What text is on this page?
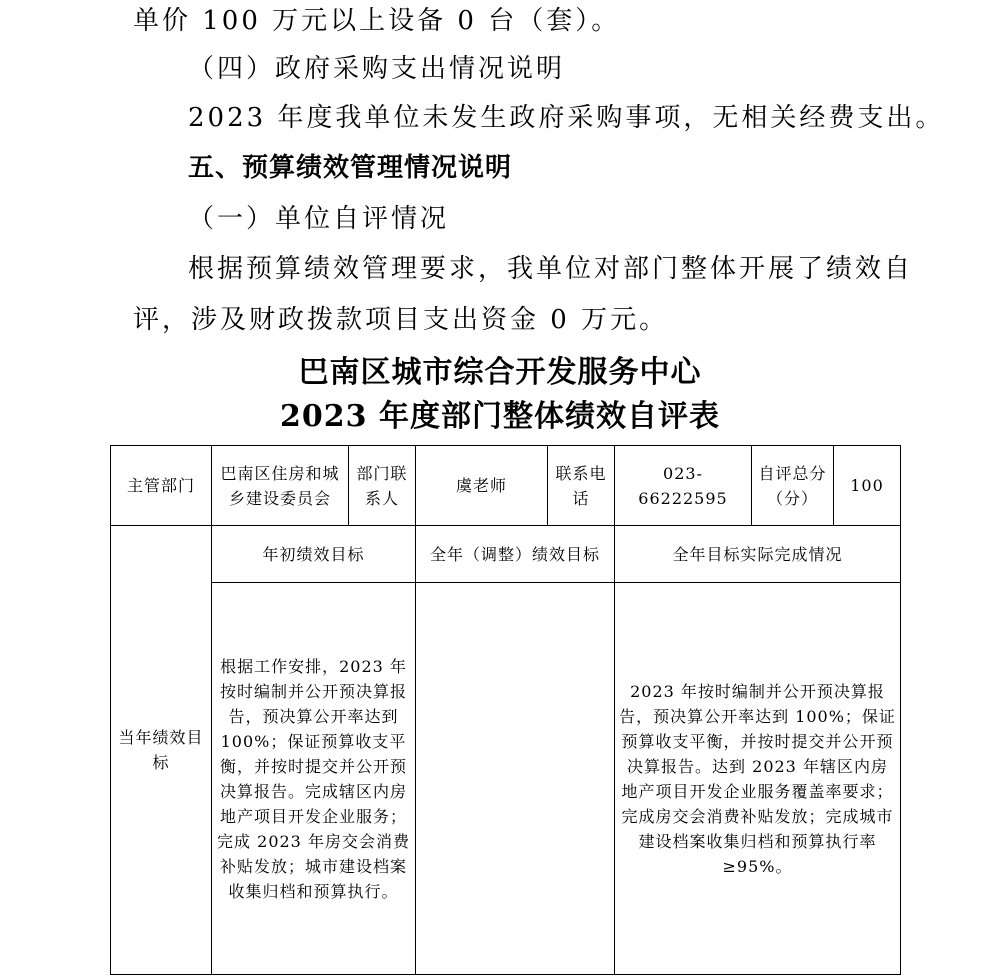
单价 100 万元以上设备 0 台（套）。
（四）政府采购支出情况说明
2023 年度我单位未发生政府采购事项，无相关经费支出。
五、预算绩效管理情况说明
（一）单位自评情况
根据预算绩效管理要求，我单位对部门整体开展了绩效自
评，涉及财政拨款项目支出资金 0 万元。
巴南区城市综合开发服务中心
2023 年度部门整体绩效自评表
主管部门	巴南区住房和城乡建设委员会	部门联系人	虞老师	联系电话	023-66222595	自评总分（分）	100
当年绩效目标	年初绩效目标		全年（调整）绩效目标		全年目标实际完成情况		
	根据工作安排，2023 年按时编制并公开预决算报告，预决算公开率达到 100%；保证预算收支平衡，并按时提交并公开预决算报告。完成辖区内房地产项目开发企业服务；完成 2023 年房交会消费补贴发放；城市建设档案收集归档和预算执行。				2023 年按时编制并公开预决算报告，预决算公开率达到 100%；保证预算收支平衡，并按时提交并公开预决算报告。达到 2023 年辖区内房地产项目开发企业服务覆盖率要求；完成房交会消费补贴发放；完成城市建设档案收集归档和预算执行率≥95%。		
